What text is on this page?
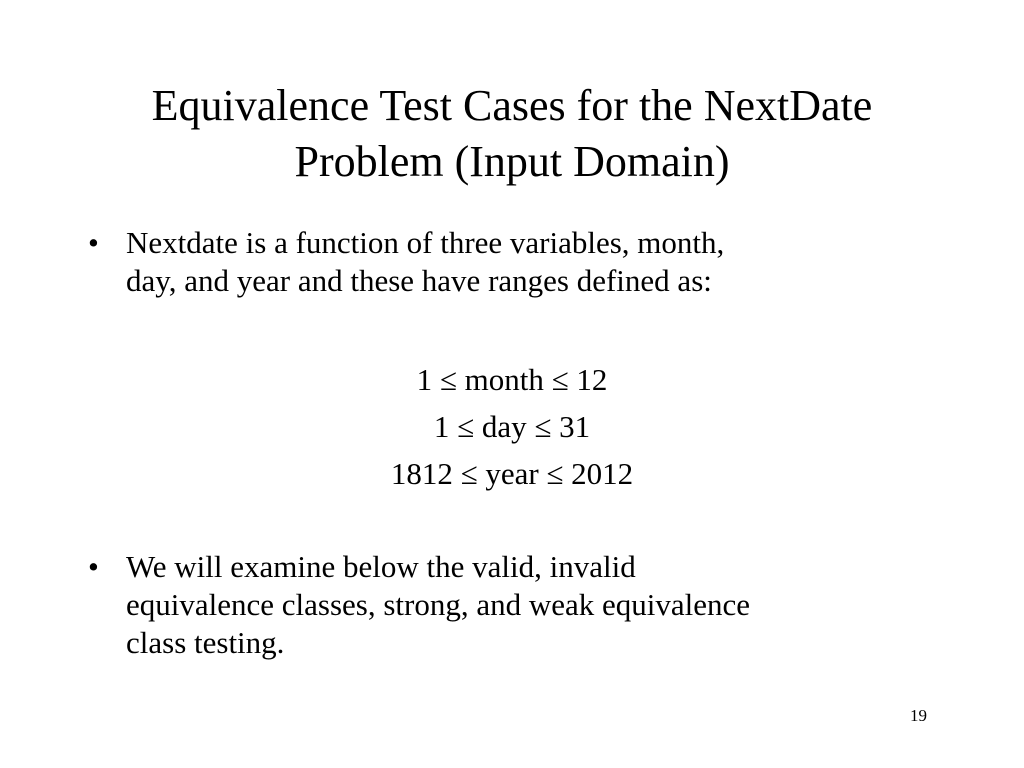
Equivalence Test Cases for the NextDate
Problem (Input Domain)
• Nextdate is a function of three variables, month,
day, and year and these have ranges defined as:
1 ≤ month ≤ 12
1 ≤ day ≤ 31
1812 ≤ year ≤ 2012
• We will examine below the valid, invalid
equivalence classes, strong, and weak equivalence
class testing.
19
